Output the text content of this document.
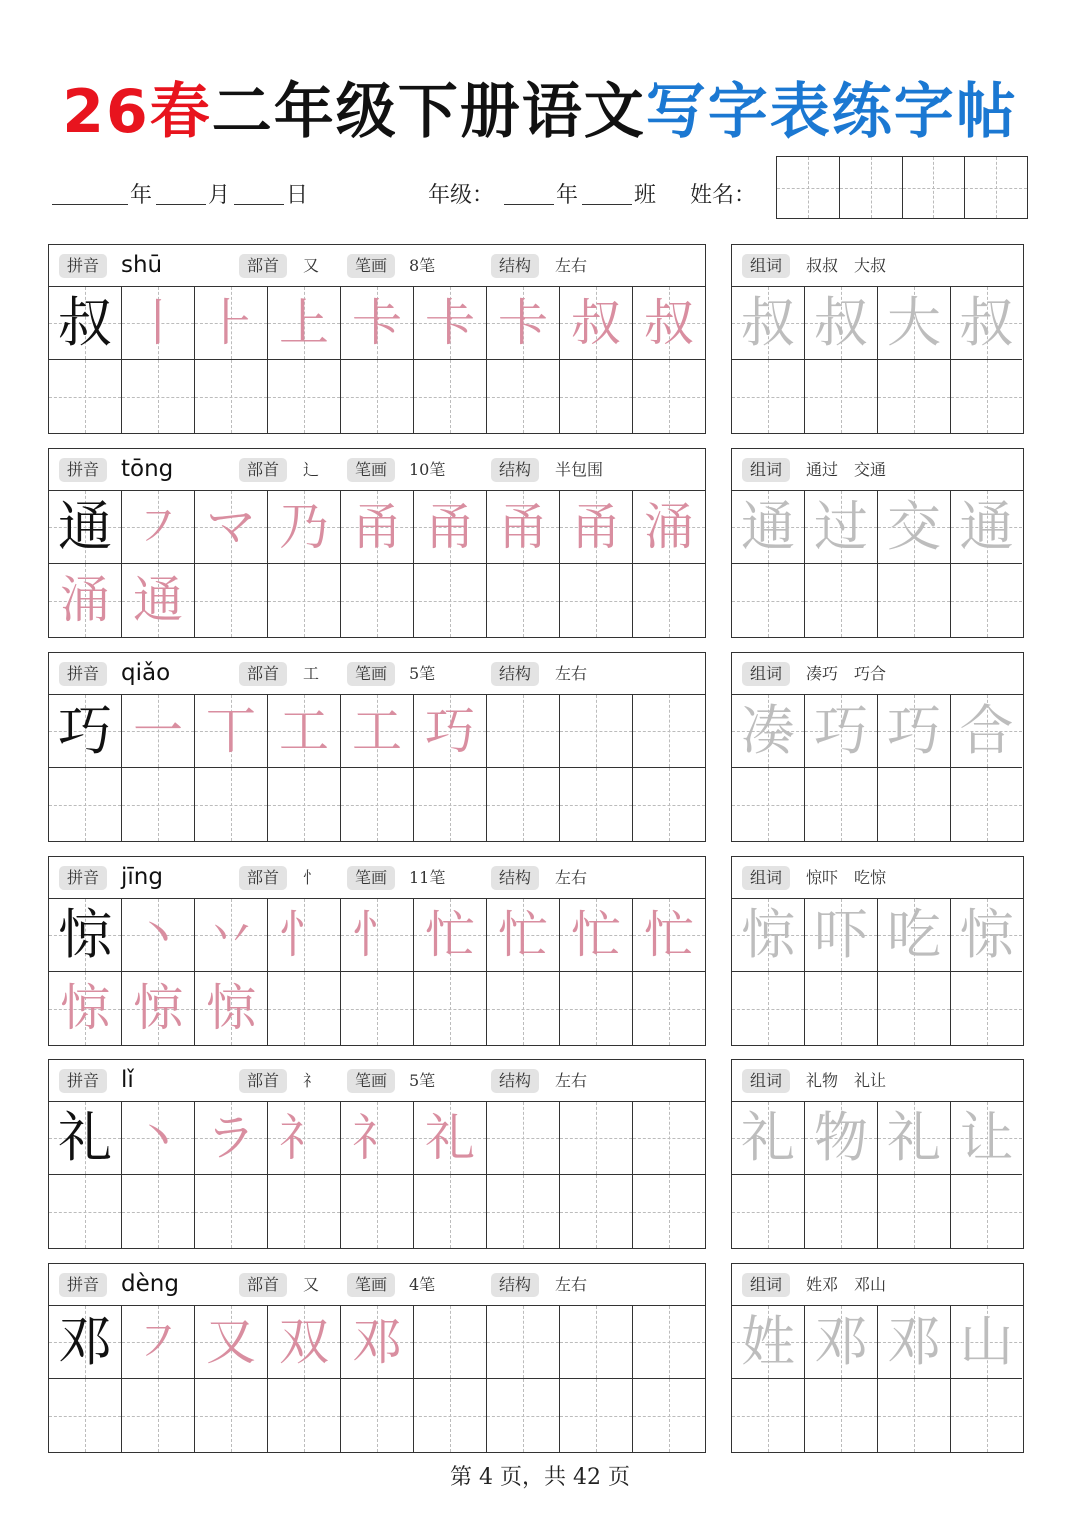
26春二年级下册语文写字表练字帖
年	月	日	年级：	年	班 姓名：
拼音 shū	部首	又	笔画	8笔	结构	左右
叔 丨 ⺊ 上 卡 卡 卡 叔 叔
组词	叔叔　大叔
叔 叔 大 叔
拼音 tōng	部首	辶	笔画	10笔	结构	半包围
通 ㇇ マ 乃 甬 甬 甬 甬 涌
涌 通
组词	通过　交通
通 过 交 通
拼音 qiǎo	部首	工	笔画	5笔	结构	左右
巧 一 丅 工 工 巧
组词	凑巧　巧合
凑 巧 巧 合
拼音 jīng	部首	忄	笔画	11笔	结构	左右
惊 丶 丷 忄 忄 忙 忙 忙 忙
惊 惊 惊
组词	惊吓　吃惊
惊 吓 吃 惊
拼音 lǐ	部首	礻	笔画	5笔	结构	左右
礼 丶 ラ 礻 礻 礼
组词	礼物　礼让
礼 物 礼 让
拼音 dèng	部首	又	笔画	4笔	结构	左右
邓 ㇇ 又 双 邓
组词	姓邓　邓山
姓 邓 邓 山
第 4 页，共 42 页
